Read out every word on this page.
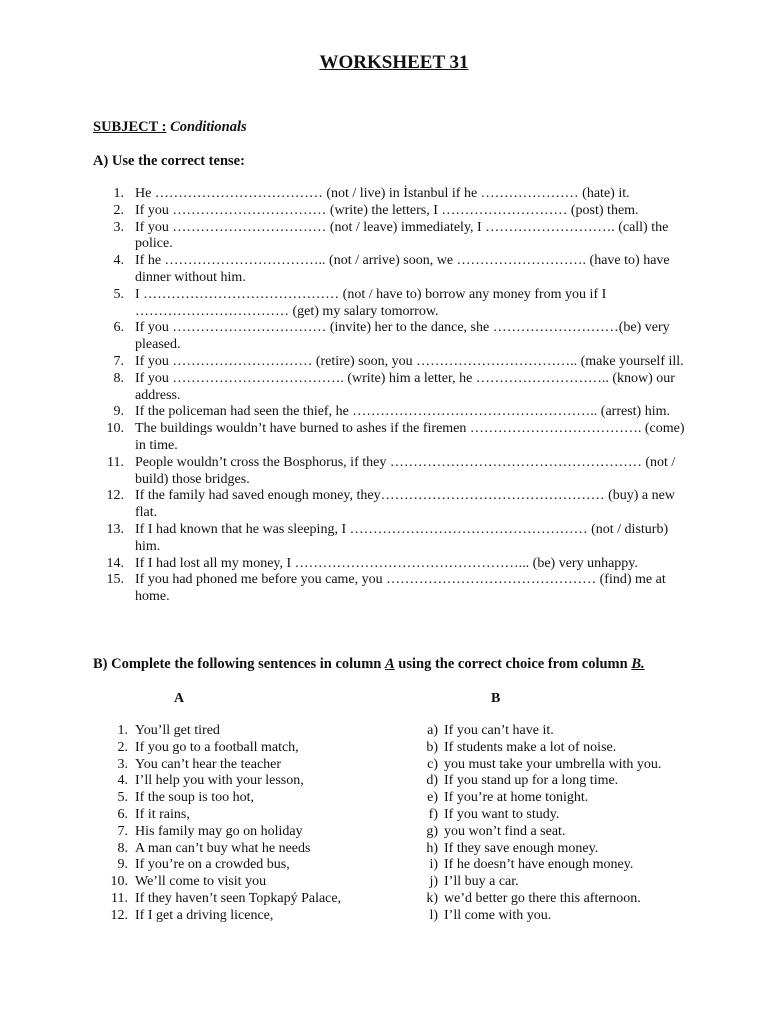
WORKSHEET 31
SUBJECT : Conditionals
A) Use the correct tense:
1. He ……………………………… (not / live) in İstanbul if he ………………… (hate) it.
2. If you …………………………… (write) the letters, I ……………………… (post) them.
3. If you …………………………… (not / leave) immediately, I ………………………. (call) the police.
4. If he …………………………….. (not / arrive) soon, we ………………………. (have to) have dinner without him.
5. I …………………………………… (not / have to) borrow any money from you if I …………………………… (get) my salary tomorrow.
6. If you …………………………… (invite) her to the dance, she ………………………(be) very pleased.
7. If you ………………………… (retire) soon, you …………………………….. (make yourself ill.
8. If you ………………………………. (write) him a letter, he ……………………….. (know) our address.
9. If the policeman had seen the thief, he …………………………………………….. (arrest) him.
10. The buildings wouldn’t have burned to ashes if the firemen ………………………………. (come) in time.
11. People wouldn’t cross the Bosphorus, if they ……………………………………………… (not / build) those bridges.
12. If the family had saved enough money, they………………………………………… (buy) a new flat.
13. If I had known that he was sleeping, I …………………………………………… (not / disturb) him.
14. If I had lost all my money, I …………………………………………... (be) very unhappy.
15. If you had phoned me before you came, you ……………………………………… (find) me at home.
B) Complete the following sentences in column A using the correct choice from column B.
A	B
1. You’ll get tired
2. If you go to a football match,
3. You can’t hear the teacher
4. I’ll help you with your lesson,
5. If the soup is too hot,
6. If it rains,
7. His family may go on holiday
8. A man can’t buy what he needs
9. If you’re on a crowded bus,
10. We’ll come to visit you
11. If they haven’t seen Topkapý Palace,
12. If I get a driving licence,
a) If you can’t have it.
b) If students make a lot of noise.
c) you must take your umbrella with you.
d) If you stand up for a long time.
e) If you’re at home tonight.
f) If you want to study.
g) you won’t find a seat.
h) If they save enough money.
i) If he doesn’t have enough money.
j) I’ll buy a car.
k) we’d better go there this afternoon.
l) I’ll come with you.
